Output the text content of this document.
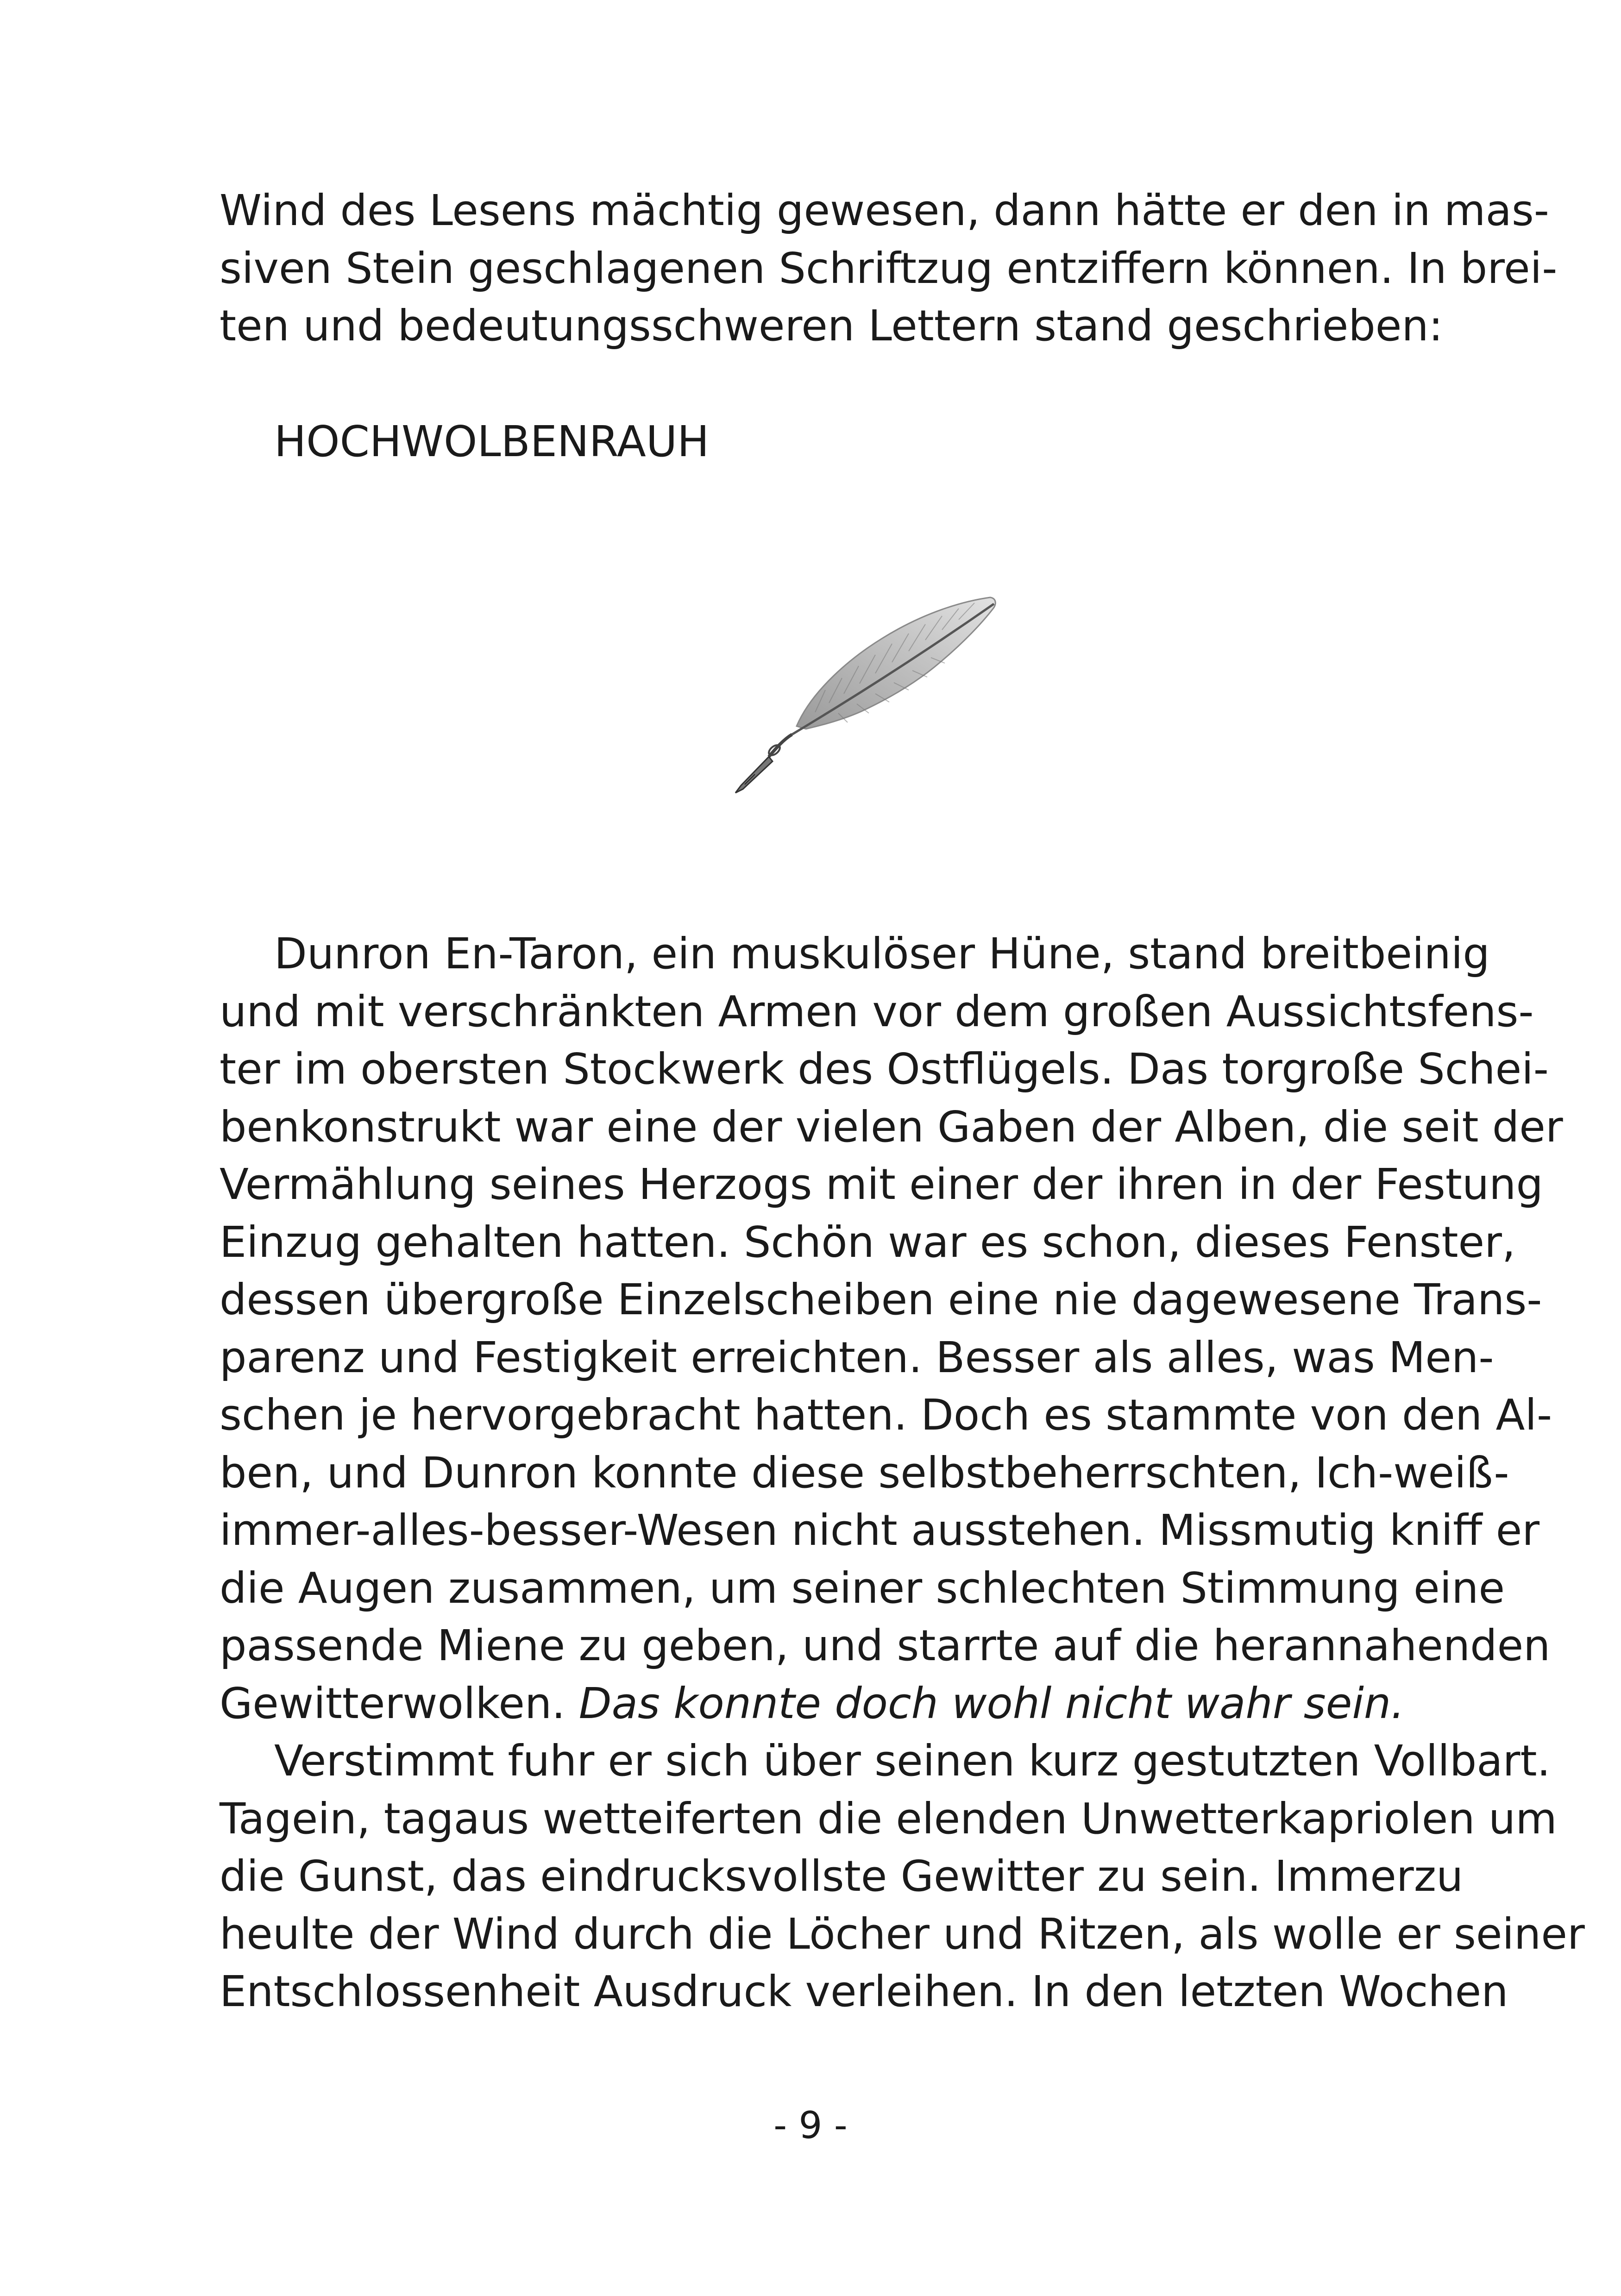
Wind des Lesens mächtig gewesen, dann hätte er den in mas-
siven Stein geschlagenen Schriftzug entziffern können. In brei-
ten und bedeutungsschweren Lettern stand geschrieben:
HOCHWOLBENRAUH
Dunron En-Taron, ein muskulöser Hüne, stand breitbeinig
und mit verschränkten Armen vor dem großen Aussichtsfens-
ter im obersten Stockwerk des Ostflügels. Das torgroße Schei-
benkonstrukt war eine der vielen Gaben der Alben, die seit der
Vermählung seines Herzogs mit einer der ihren in der Festung
Einzug gehalten hatten. Schön war es schon, dieses Fenster,
dessen übergroße Einzelscheiben eine nie dagewesene Trans-
parenz und Festigkeit erreichten. Besser als alles, was Men-
schen je hervorgebracht hatten. Doch es stammte von den Al-
ben, und Dunron konnte diese selbstbeherrschten, Ich-weiß-
immer-alles-besser-Wesen nicht ausstehen. Missmutig kniff er
die Augen zusammen, um seiner schlechten Stimmung eine
passende Miene zu geben, und starrte auf die herannahenden
Gewitterwolken. Das konnte doch wohl nicht wahr sein.
Verstimmt fuhr er sich über seinen kurz gestutzten Vollbart.
Tagein, tagaus wetteiferten die elenden Unwetterkapriolen um
die Gunst, das eindrucksvollste Gewitter zu sein. Immerzu
heulte der Wind durch die Löcher und Ritzen, als wolle er seiner
Entschlossenheit Ausdruck verleihen. In den letzten Wochen
- 9 -
